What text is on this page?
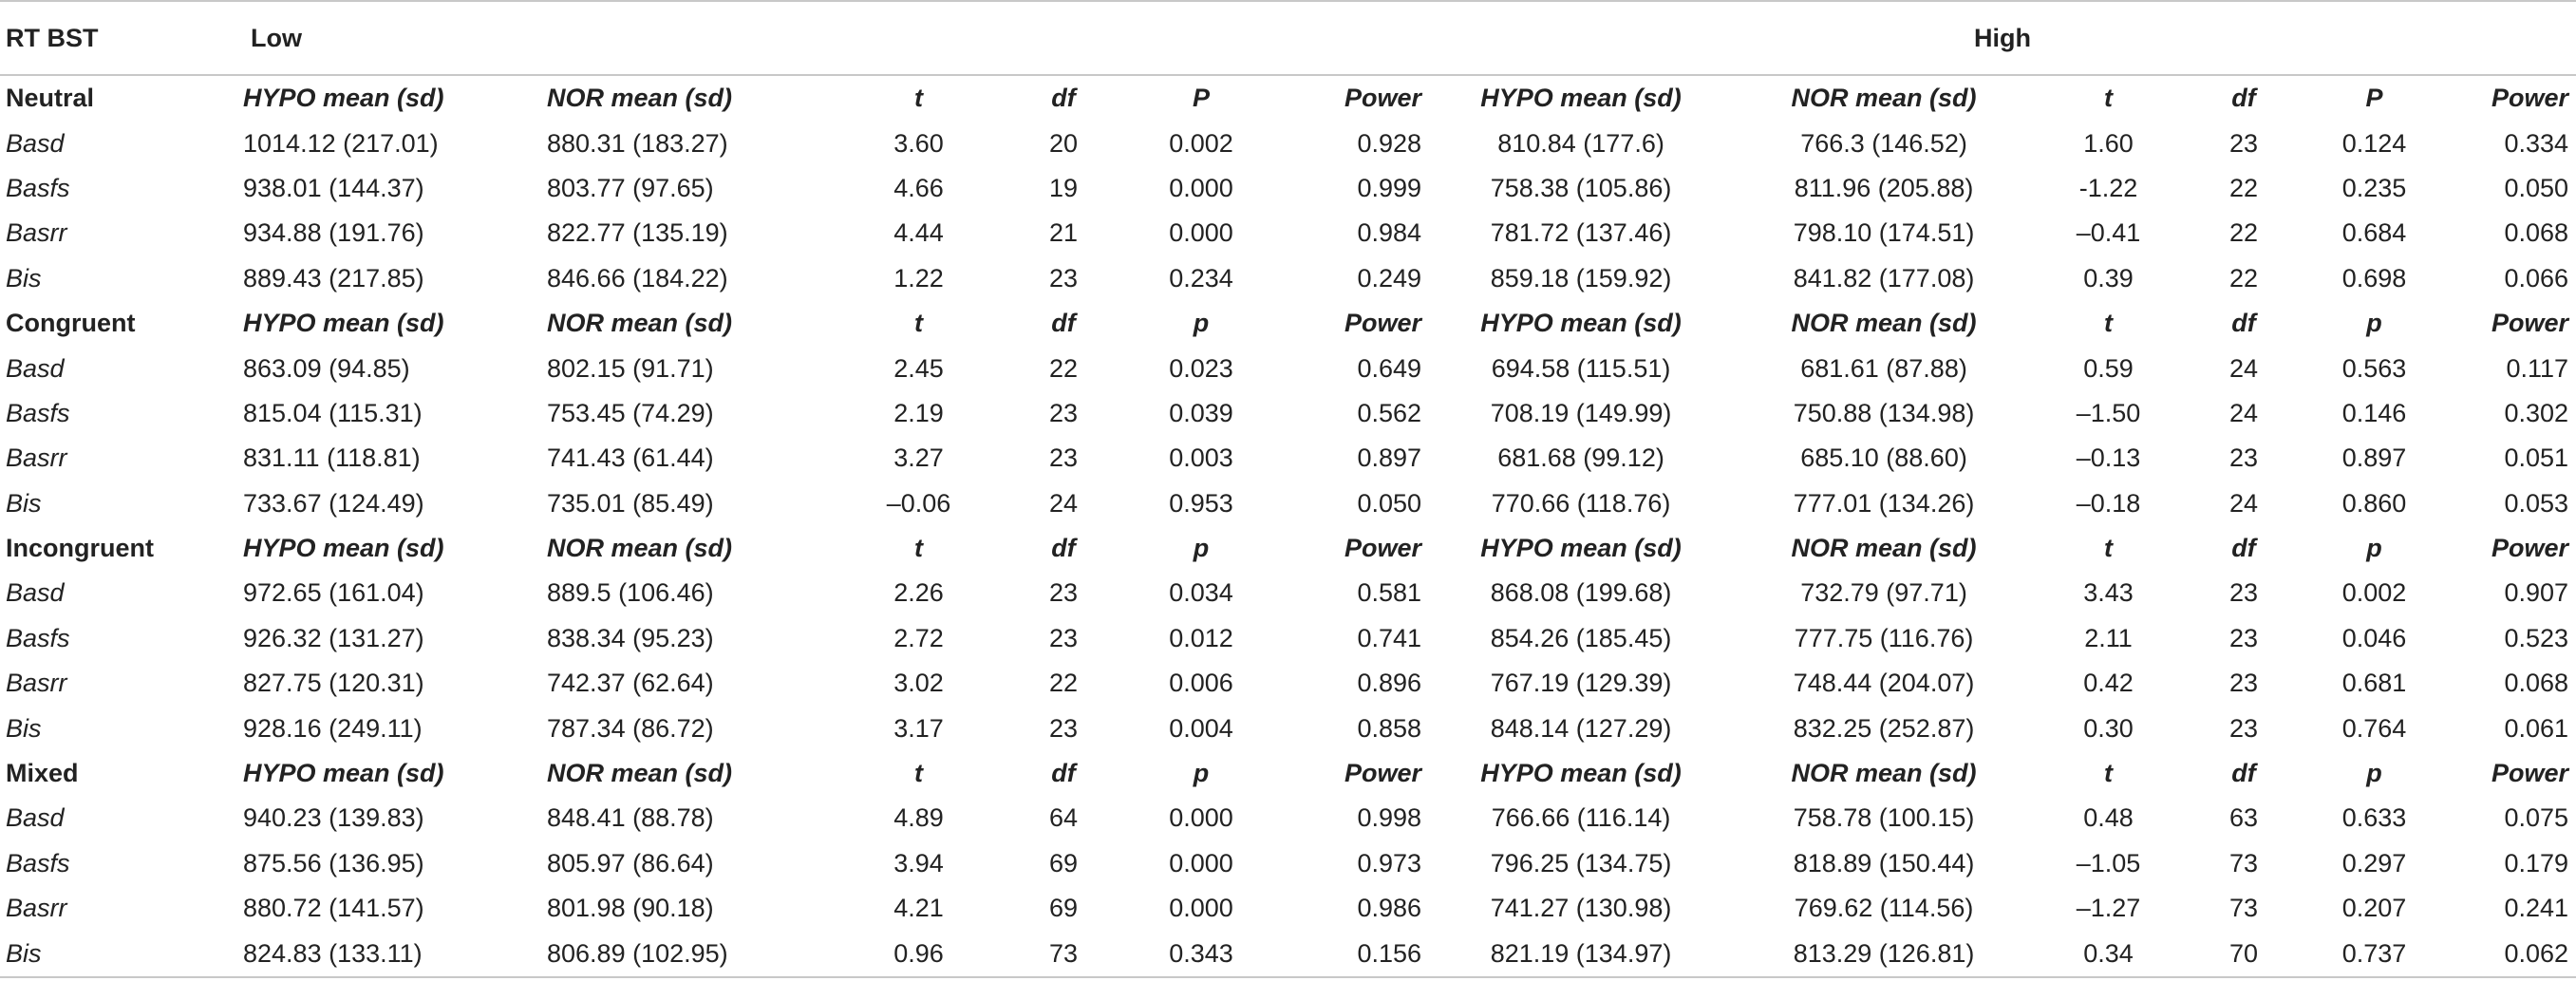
RT BST	Low						High					
Neutral	HYPO mean (sd)	NOR mean (sd)	t	df	P	Power	HYPO mean (sd)	NOR mean (sd)	t	df	P	Power
Basd	1014.12 (217.01)	880.31 (183.27)	3.60	20	0.002	0.928	810.84 (177.6)	766.3 (146.52)	1.60	23	0.124	0.334
Basfs	938.01 (144.37)	803.77 (97.65)	4.66	19	0.000	0.999	758.38 (105.86)	811.96 (205.88)	-1.22	22	0.235	0.050
Basrr	934.88 (191.76)	822.77 (135.19)	4.44	21	0.000	0.984	781.72 (137.46)	798.10 (174.51)	–0.41	22	0.684	0.068
Bis	889.43 (217.85)	846.66 (184.22)	1.22	23	0.234	0.249	859.18 (159.92)	841.82 (177.08)	0.39	22	0.698	0.066
Congruent	HYPO mean (sd)	NOR mean (sd)	t	df	p	Power	HYPO mean (sd)	NOR mean (sd)	t	df	p	Power
Basd	863.09 (94.85)	802.15 (91.71)	2.45	22	0.023	0.649	694.58 (115.51)	681.61 (87.88)	0.59	24	0.563	0.117
Basfs	815.04 (115.31)	753.45 (74.29)	2.19	23	0.039	0.562	708.19 (149.99)	750.88 (134.98)	–1.50	24	0.146	0.302
Basrr	831.11 (118.81)	741.43 (61.44)	3.27	23	0.003	0.897	681.68 (99.12)	685.10 (88.60)	–0.13	23	0.897	0.051
Bis	733.67 (124.49)	735.01 (85.49)	–0.06	24	0.953	0.050	770.66 (118.76)	777.01 (134.26)	–0.18	24	0.860	0.053
Incongruent	HYPO mean (sd)	NOR mean (sd)	t	df	p	Power	HYPO mean (sd)	NOR mean (sd)	t	df	p	Power
Basd	972.65 (161.04)	889.5 (106.46)	2.26	23	0.034	0.581	868.08 (199.68)	732.79 (97.71)	3.43	23	0.002	0.907
Basfs	926.32 (131.27)	838.34 (95.23)	2.72	23	0.012	0.741	854.26 (185.45)	777.75 (116.76)	2.11	23	0.046	0.523
Basrr	827.75 (120.31)	742.37 (62.64)	3.02	22	0.006	0.896	767.19 (129.39)	748.44 (204.07)	0.42	23	0.681	0.068
Bis	928.16 (249.11)	787.34 (86.72)	3.17	23	0.004	0.858	848.14 (127.29)	832.25 (252.87)	0.30	23	0.764	0.061
Mixed	HYPO mean (sd)	NOR mean (sd)	t	df	p	Power	HYPO mean (sd)	NOR mean (sd)	t	df	p	Power
Basd	940.23 (139.83)	848.41 (88.78)	4.89	64	0.000	0.998	766.66 (116.14)	758.78 (100.15)	0.48	63	0.633	0.075
Basfs	875.56 (136.95)	805.97 (86.64)	3.94	69	0.000	0.973	796.25 (134.75)	818.89 (150.44)	–1.05	73	0.297	0.179
Basrr	880.72 (141.57)	801.98 (90.18)	4.21	69	0.000	0.986	741.27 (130.98)	769.62 (114.56)	–1.27	73	0.207	0.241
Bis	824.83 (133.11)	806.89 (102.95)	0.96	73	0.343	0.156	821.19 (134.97)	813.29 (126.81)	0.34	70	0.737	0.062
